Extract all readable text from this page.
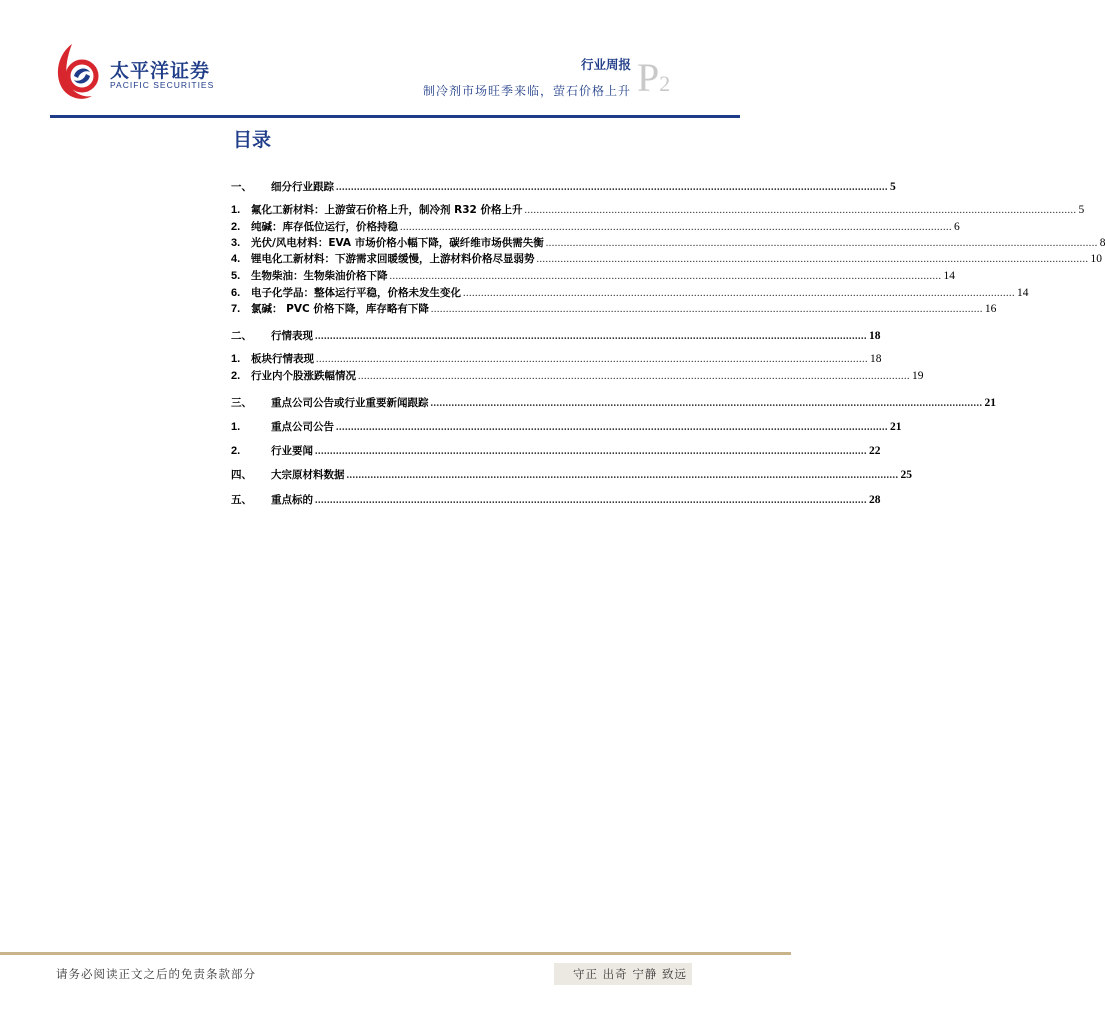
太平洋证券
PACIFIC SECURITIES
行业周报
制冷剂市场旺季来临，萤石价格上升 P2
目录
一、	细分行业跟踪 ........................................................................................................................................................................................ 5
1.	氟化工新材料：上游萤石价格上升，制冷剂 R32 价格上升 ........................................................................................................................................................................................ 5
2.	纯碱：库存低位运行，价格持稳 ........................................................................................................................................................................................ 6
3.	光伏/风电材料：EVA 市场价格小幅下降，碳纤维市场供需失衡 ........................................................................................................................................................................................ 8
4.	锂电化工新材料：下游需求回暖缓慢，上游材料价格尽显弱势 ........................................................................................................................................................................................ 10
5.	生物柴油：生物柴油价格下降 ........................................................................................................................................................................................ 14
6.	电子化学品：整体运行平稳，价格未发生变化 ........................................................................................................................................................................................ 14
7.	氯碱： PVC 价格下降，库存略有下降 ........................................................................................................................................................................................ 16
二、	行情表现 ........................................................................................................................................................................................ 18
1.	板块行情表现 ........................................................................................................................................................................................ 18
2.	行业内个股涨跌幅情况 ........................................................................................................................................................................................ 19
三、	重点公司公告或行业重要新闻跟踪 ........................................................................................................................................................................................ 21
1.	重点公司公告 ........................................................................................................................................................................................ 21
2.	行业要闻 ........................................................................................................................................................................................ 22
四、	大宗原材料数据 ........................................................................................................................................................................................ 25
五、	重点标的 ........................................................................................................................................................................................ 28
请务必阅读正文之后的免责条款部分	守正 出奇 宁静 致远
